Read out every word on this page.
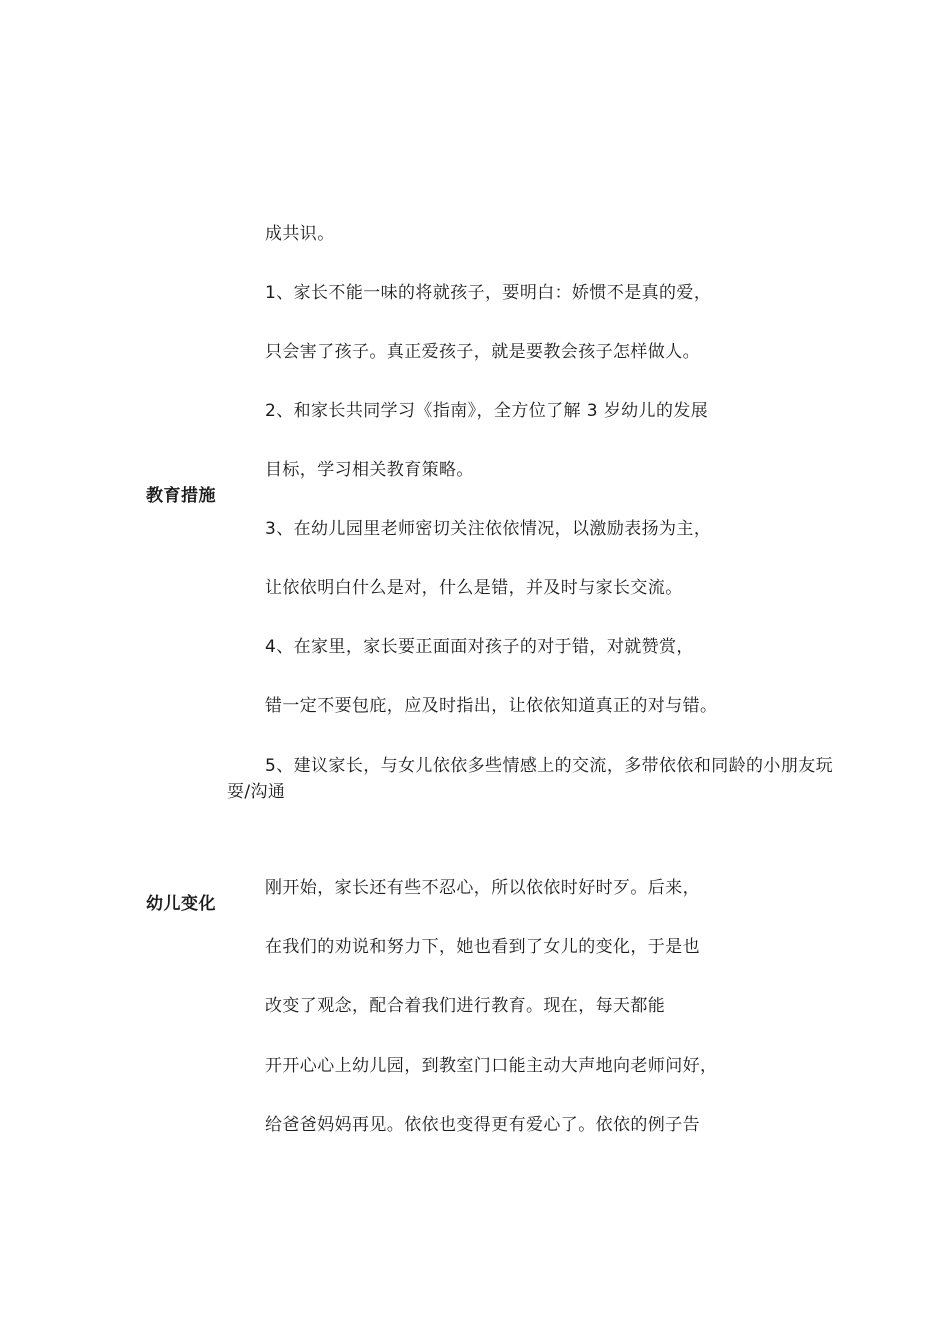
教育措施
成共识。
1、家长不能一味的将就孩子，要明白：娇惯不是真的爱，
只会害了孩子。真正爱孩子，就是要教会孩子怎样做人。
2、和家长共同学习《指南》，全方位了解 3 岁幼儿的发展
目标，学习相关教育策略。
3、在幼儿园里老师密切关注依依情况，以激励表扬为主，
让依依明白什么是对，什么是错，并及时与家长交流。
4、在家里，家长要正面面对孩子的对于错，对就赞赏，
错一定不要包庇，应及时指出，让依依知道真正的对与错。
5、建议家长，与女儿依依多些情感上的交流，多带依依和同龄的小朋友玩
耍/沟通
幼儿变化
刚开始，家长还有些不忍心，所以依依时好时歹。后来，
在我们的劝说和努力下，她也看到了女儿的变化，于是也
改变了观念，配合着我们进行教育。现在，每天都能
开开心心上幼儿园，到教室门口能主动大声地向老师问好，
给爸爸妈妈再见。依依也变得更有爱心了。依依的例子告
